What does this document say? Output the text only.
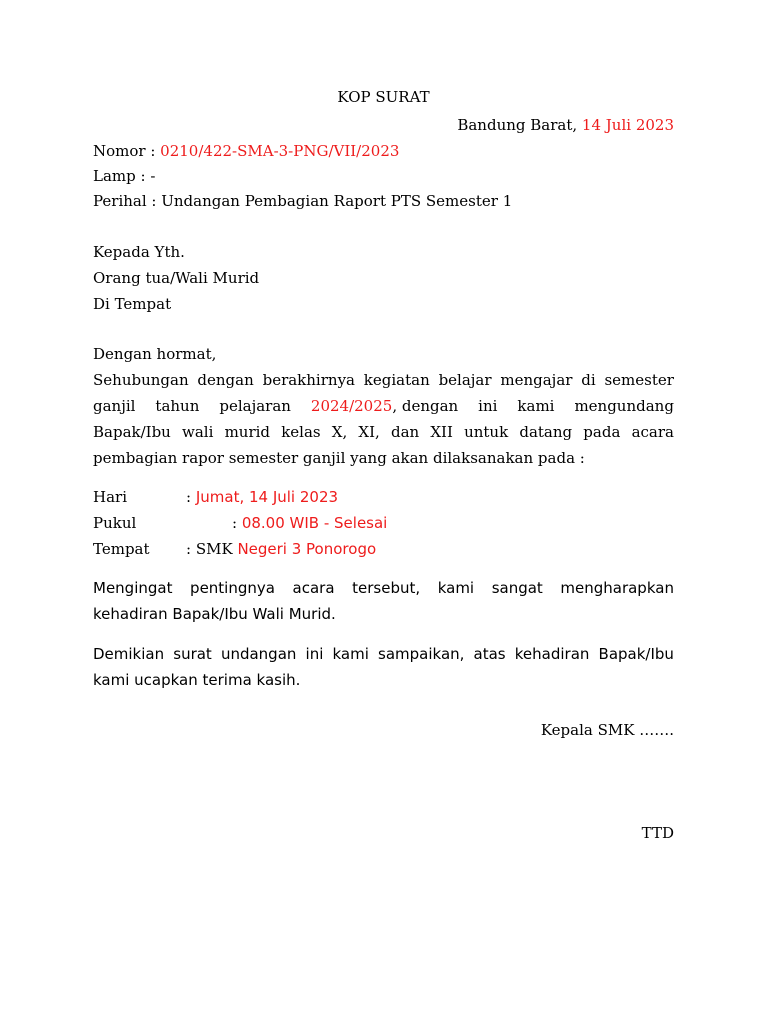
KOP SURAT
Bandung Barat, 14 Juli 2023
Nomor : 0210/422-SMA-3-PNG/VII/2023
Lamp : -
Perihal : Undangan Pembagian Raport PTS Semester 1
Kepada Yth.
Orang tua/Wali Murid
Di Tempat
Dengan hormat,
Sehubungan dengan berakhirnya kegiatan belajar mengajar di semester
ganjil tahun pelajaran 2024/2025, dengan ini kami mengundang
Bapak/Ibu wali murid kelas X, XI, dan XII untuk datang pada acara
pembagian rapor semester ganjil yang akan dilaksanakan pada :
Hari	: Jumat, 14 Juli 2023
Pukul	: 08.00 WIB - Selesai
Tempat : SMK Negeri 3 Ponorogo
Mengingat pentingnya acara tersebut, kami sangat mengharapkan
kehadiran Bapak/Ibu Wali Murid.
Demikian surat undangan ini kami sampaikan, atas kehadiran Bapak/Ibu
kami ucapkan terima kasih.
Kepala SMK …….
TTD
